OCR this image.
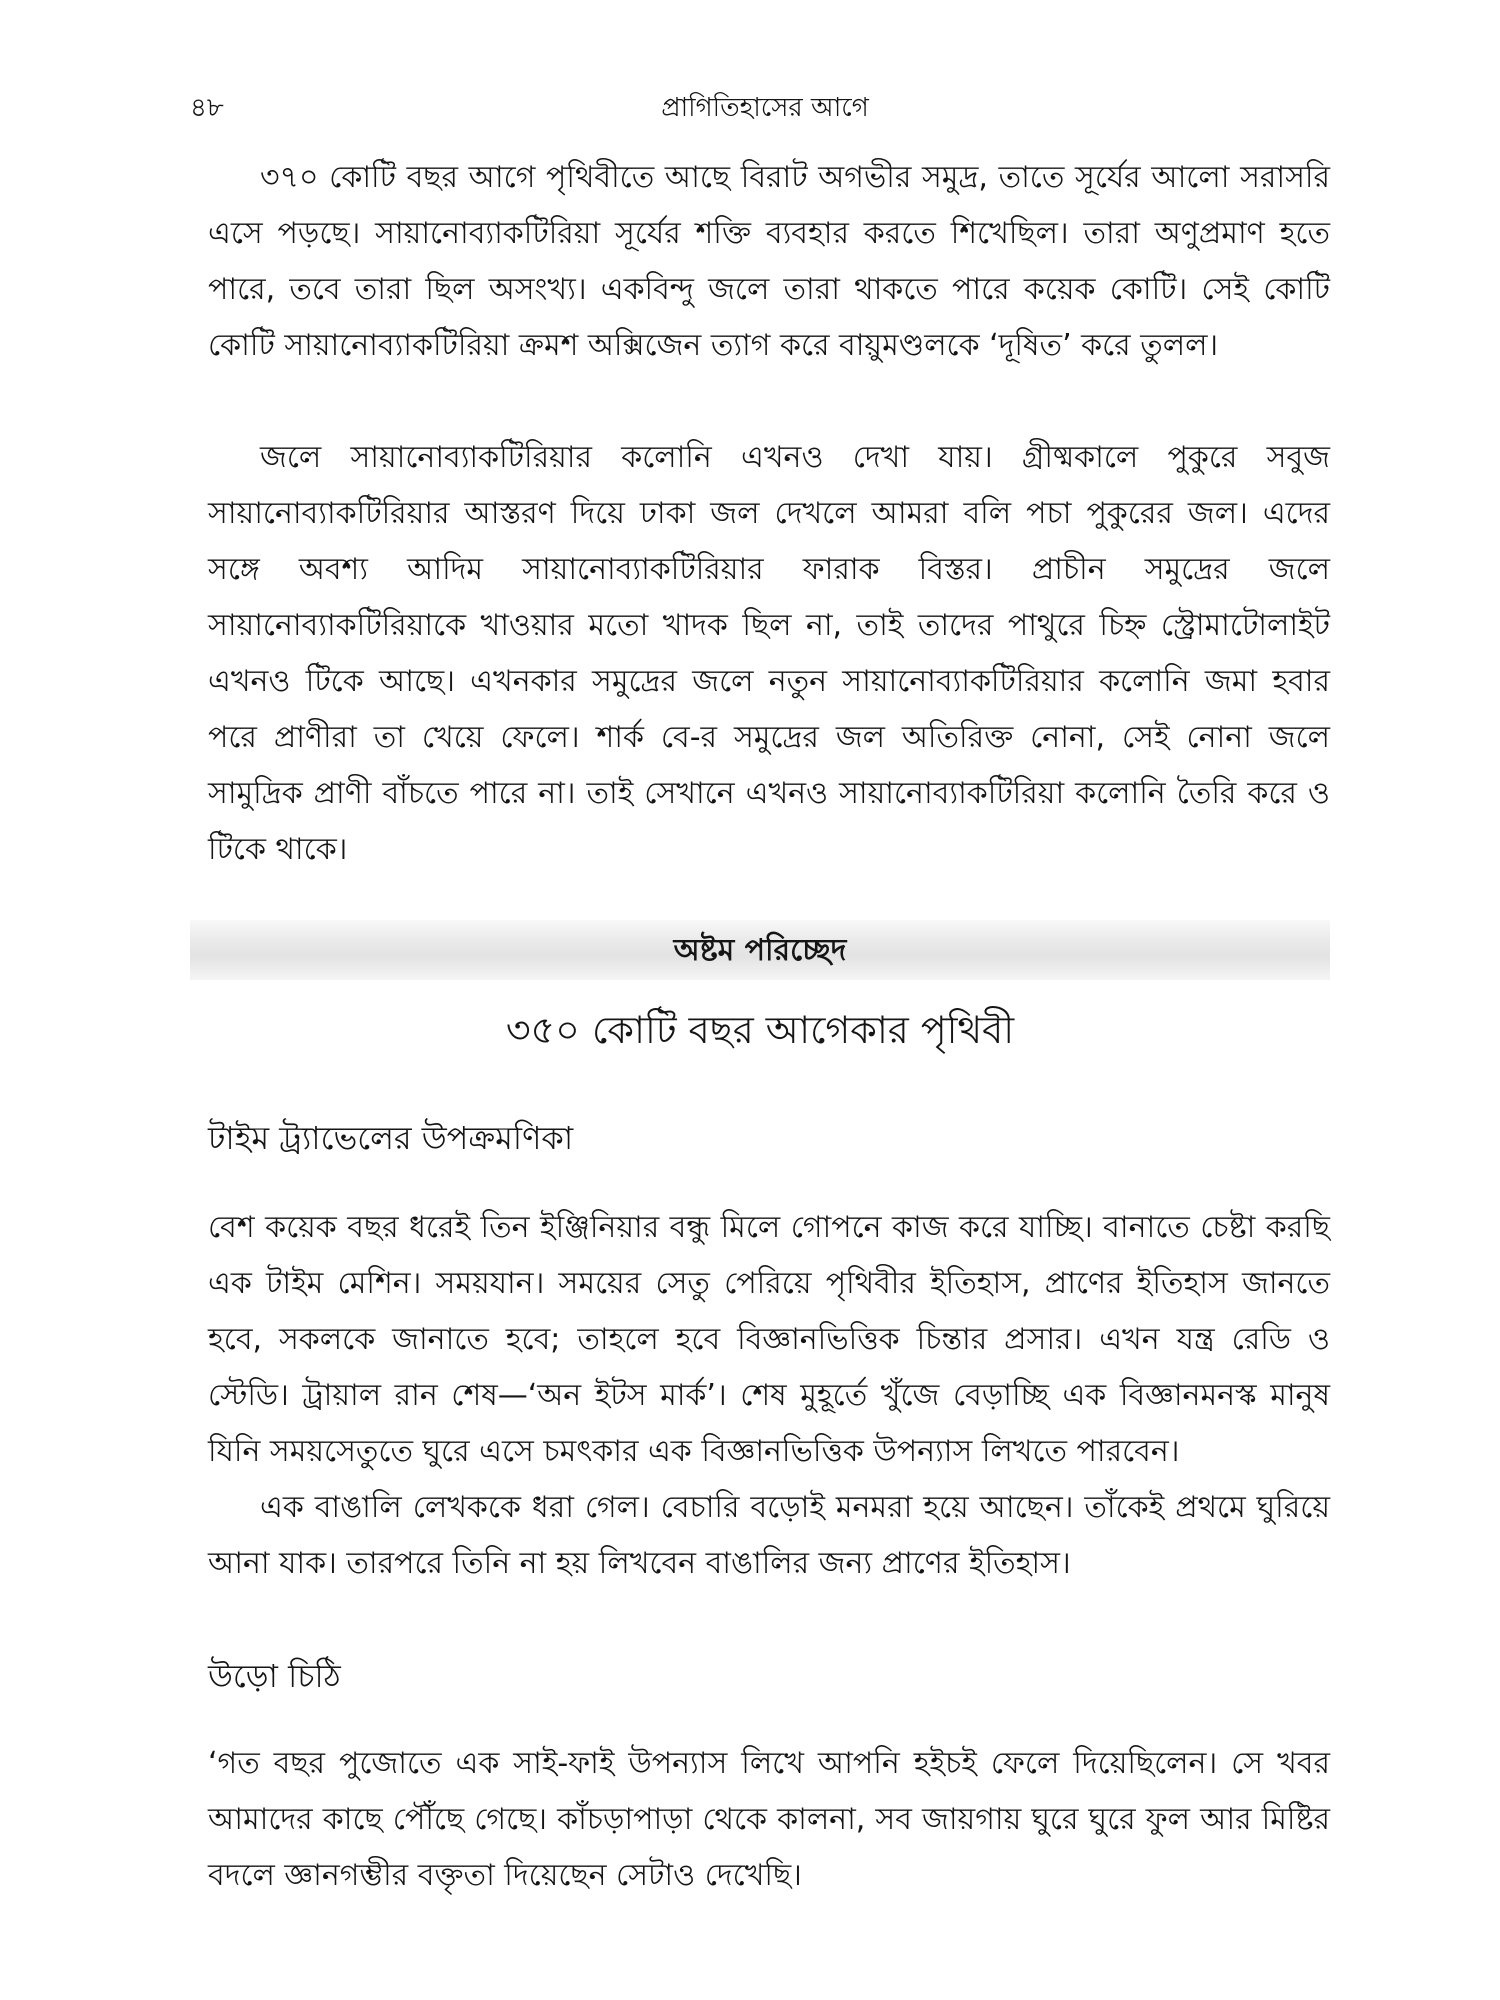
৪৮	প্রাগিতিহাসের আগে

৩৭০ কোটি বছর আগে পৃথিবীতে আছে বিরাট অগভীর সমুদ্র, তাতে সূর্যের আলো সরাসরি এসে পড়ছে। সায়ানোব্যাকটিরিয়া সূর্যের শক্তি ব্যবহার করতে শিখেছিল। তারা অণুপ্রমাণ হতে পারে, তবে তারা ছিল অসংখ্য। একবিন্দু জলে তারা থাকতে পারে কয়েক কোটি। সেই কোটি কোটি সায়ানোব্যাকটিরিয়া ক্রমশ অক্সিজেন ত্যাগ করে বায়ুমণ্ডলকে ‘দূষিত’ করে তুলল।

জলে সায়ানোব্যাকটিরিয়ার কলোনি এখনও দেখা যায়। গ্রীষ্মকালে পুকুরে সবুজ সায়ানোব্যাকটিরিয়ার আস্তরণ দিয়ে ঢাকা জল দেখলে আমরা বলি পচা পুকুরের জল। এদের সঙ্গে অবশ্য আদিম সায়ানোব্যাকটিরিয়ার ফারাক বিস্তর। প্রাচীন সমুদ্রের জলে সায়ানোব্যাকটিরিয়াকে খাওয়ার মতো খাদক ছিল না, তাই তাদের পাথুরে চিহ্ন স্ট্রোমাটোলাইট এখনও টিকে আছে। এখনকার সমুদ্রের জলে নতুন সায়ানোব্যাকটিরিয়ার কলোনি জমা হবার পরে প্রাণীরা তা খেয়ে ফেলে। শার্ক বে-র সমুদ্রের জল অতিরিক্ত নোনা, সেই নোনা জলে সামুদ্রিক প্রাণী বাঁচতে পারে না। তাই সেখানে এখনও সায়ানোব্যাকটিরিয়া কলোনি তৈরি করে ও টিকে থাকে।

অষ্টম পরিচ্ছেদ
৩৫০ কোটি বছর আগেকার পৃথিবী
টাইম ট্র্যাভেলের উপক্রমণিকা

বেশ কয়েক বছর ধরেই তিন ইঞ্জিনিয়ার বন্ধু মিলে গোপনে কাজ করে যাচ্ছি। বানাতে চেষ্টা করছি এক টাইম মেশিন। সময়যান। সময়ের সেতু পেরিয়ে পৃথিবীর ইতিহাস, প্রাণের ইতিহাস জানতে হবে, সকলকে জানাতে হবে; তাহলে হবে বিজ্ঞানভিত্তিক চিন্তার প্রসার। এখন যন্ত্র রেডি ও স্টেডি। ট্রায়াল রান শেষ—‘অন ইটস মার্ক’। শেষ মুহূর্তে খুঁজে বেড়াচ্ছি এক বিজ্ঞানমনস্ক মানুষ যিনি সময়সেতুতে ঘুরে এসে চমৎকার এক বিজ্ঞানভিত্তিক উপন্যাস লিখতে পারবেন।

এক বাঙালি লেখককে ধরা গেল। বেচারি বড়োই মনমরা হয়ে আছেন। তাঁকেই প্রথমে ঘুরিয়ে আনা যাক। তারপরে তিনি না হয় লিখবেন বাঙালির জন্য প্রাণের ইতিহাস।

উড়ো চিঠি

‘গত বছর পুজোতে এক সাই-ফাই উপন্যাস লিখে আপনি হইচই ফেলে দিয়েছিলেন। সে খবর আমাদের কাছে পৌঁছে গেছে। কাঁচড়াপাড়া থেকে কালনা, সব জায়গায় ঘুরে ঘুরে ফুল আর মিষ্টির বদলে জ্ঞানগম্ভীর বক্তৃতা দিয়েছেন সেটাও দেখেছি।
